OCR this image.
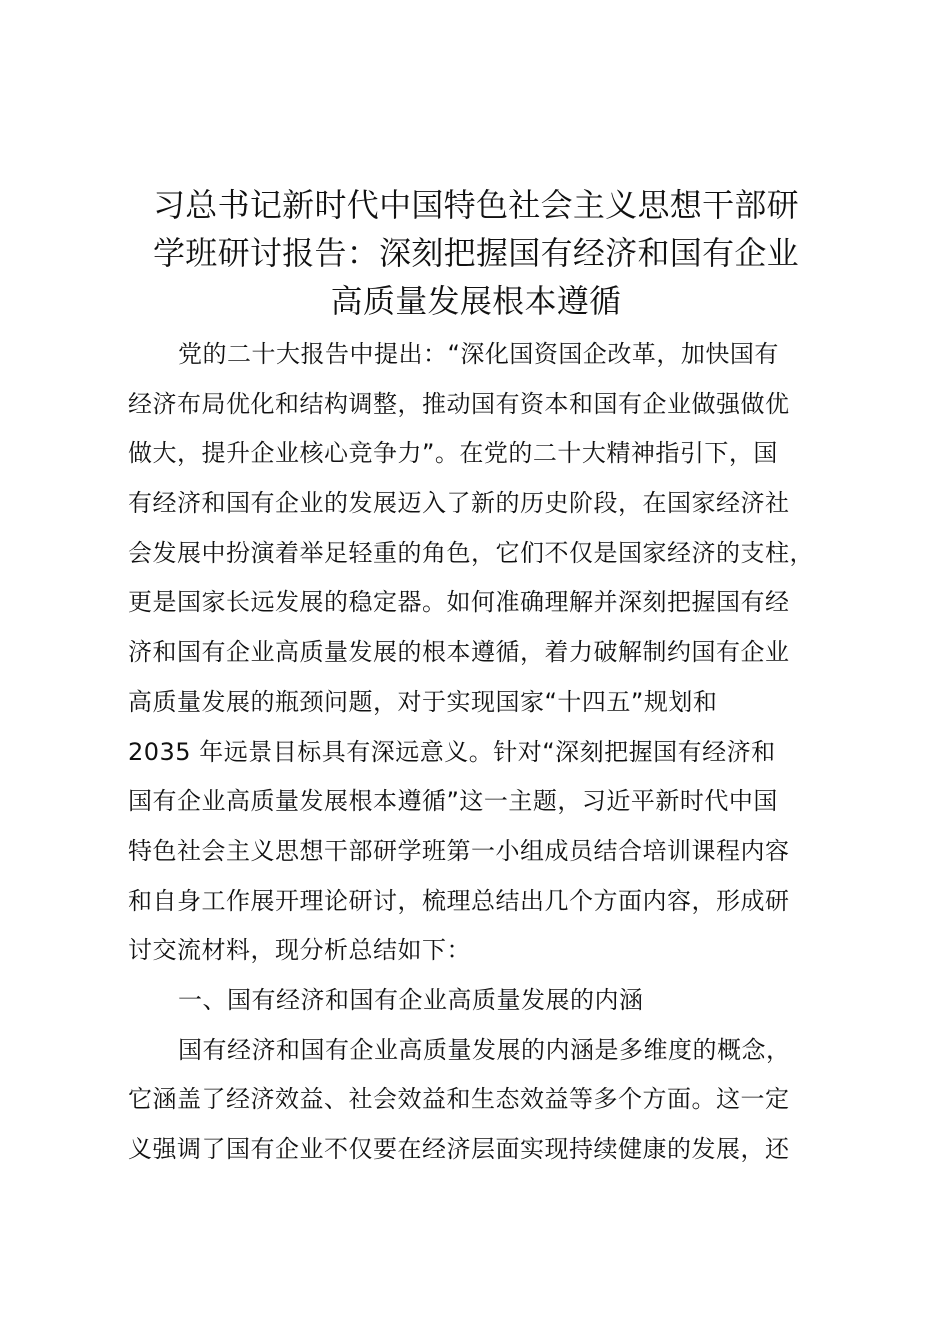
习总书记新时代中国特色社会主义思想干部研
学班研讨报告：深刻把握国有经济和国有企业
高质量发展根本遵循
党的二十大报告中提出：“深化国资国企改革，加快国有
经济布局优化和结构调整，推动国有资本和国有企业做强做优
做大，提升企业核心竞争力”。在党的二十大精神指引下，国
有经济和国有企业的发展迈入了新的历史阶段，在国家经济社
会发展中扮演着举足轻重的角色，它们不仅是国家经济的支柱，
更是国家长远发展的稳定器。如何准确理解并深刻把握国有经
济和国有企业高质量发展的根本遵循，着力破解制约国有企业
高质量发展的瓶颈问题，对于实现国家“十四五”规划和
2035 年远景目标具有深远意义。针对“深刻把握国有经济和
国有企业高质量发展根本遵循”这一主题，习近平新时代中国
特色社会主义思想干部研学班第一小组成员结合培训课程内容
和自身工作展开理论研讨，梳理总结出几个方面内容，形成研
讨交流材料，现分析总结如下：
一、国有经济和国有企业高质量发展的内涵
国有经济和国有企业高质量发展的内涵是多维度的概念，
它涵盖了经济效益、社会效益和生态效益等多个方面。这一定
义强调了国有企业不仅要在经济层面实现持续健康的发展，还
